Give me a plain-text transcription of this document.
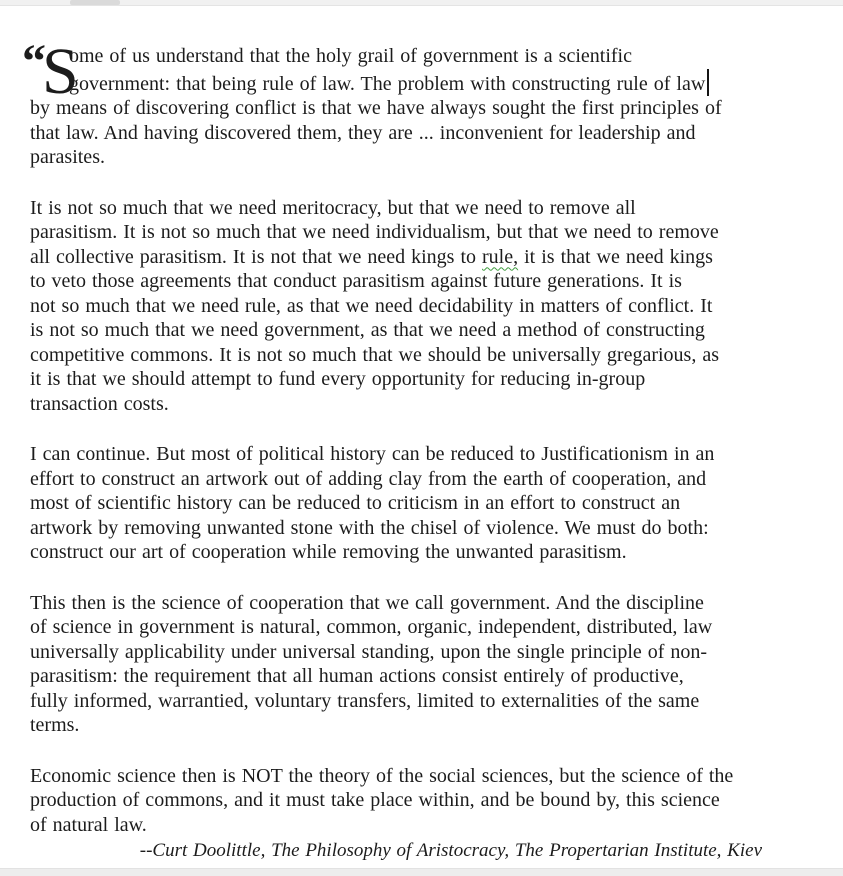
“
S
ome of us understand that the holy grail of government is a scientific
government: that being rule of law. The problem with constructing rule of law
by means of discovering conflict is that we have always sought the first principles of
that law. And having discovered them, they are ... inconvenient for leadership and
parasites.
It is not so much that we need meritocracy, but that we need to remove all
parasitism. It is not so much that we need individualism, but that we need to remove
all collective parasitism. It is not that we need kings to rule, it is that we need kings
to veto those agreements that conduct parasitism against future generations. It is
not so much that we need rule, as that we need decidability in matters of conflict. It
is not so much that we need government, as that we need a method of constructing
competitive commons. It is not so much that we should be universally gregarious, as
it is that we should attempt to fund every opportunity for reducing in-group
transaction costs.
I can continue. But most of political history can be reduced to Justificationism in an
effort to construct an artwork out of adding clay from the earth of cooperation, and
most of scientific history can be reduced to criticism in an effort to construct an
artwork by removing unwanted stone with the chisel of violence. We must do both:
construct our art of cooperation while removing the unwanted parasitism.
This then is the science of cooperation that we call government. And the discipline
of science in government is natural, common, organic, independent, distributed, law
universally applicability under universal standing, upon the single principle of non-
parasitism: the requirement that all human actions consist entirely of productive,
fully informed, warrantied, voluntary transfers, limited to externalities of the same
terms.
Economic science then is NOT the theory of the social sciences, but the science of the
production of commons, and it must take place within, and be bound by, this science
of natural law.
--Curt Doolittle, The Philosophy of Aristocracy, The Propertarian Institute, Kiev
